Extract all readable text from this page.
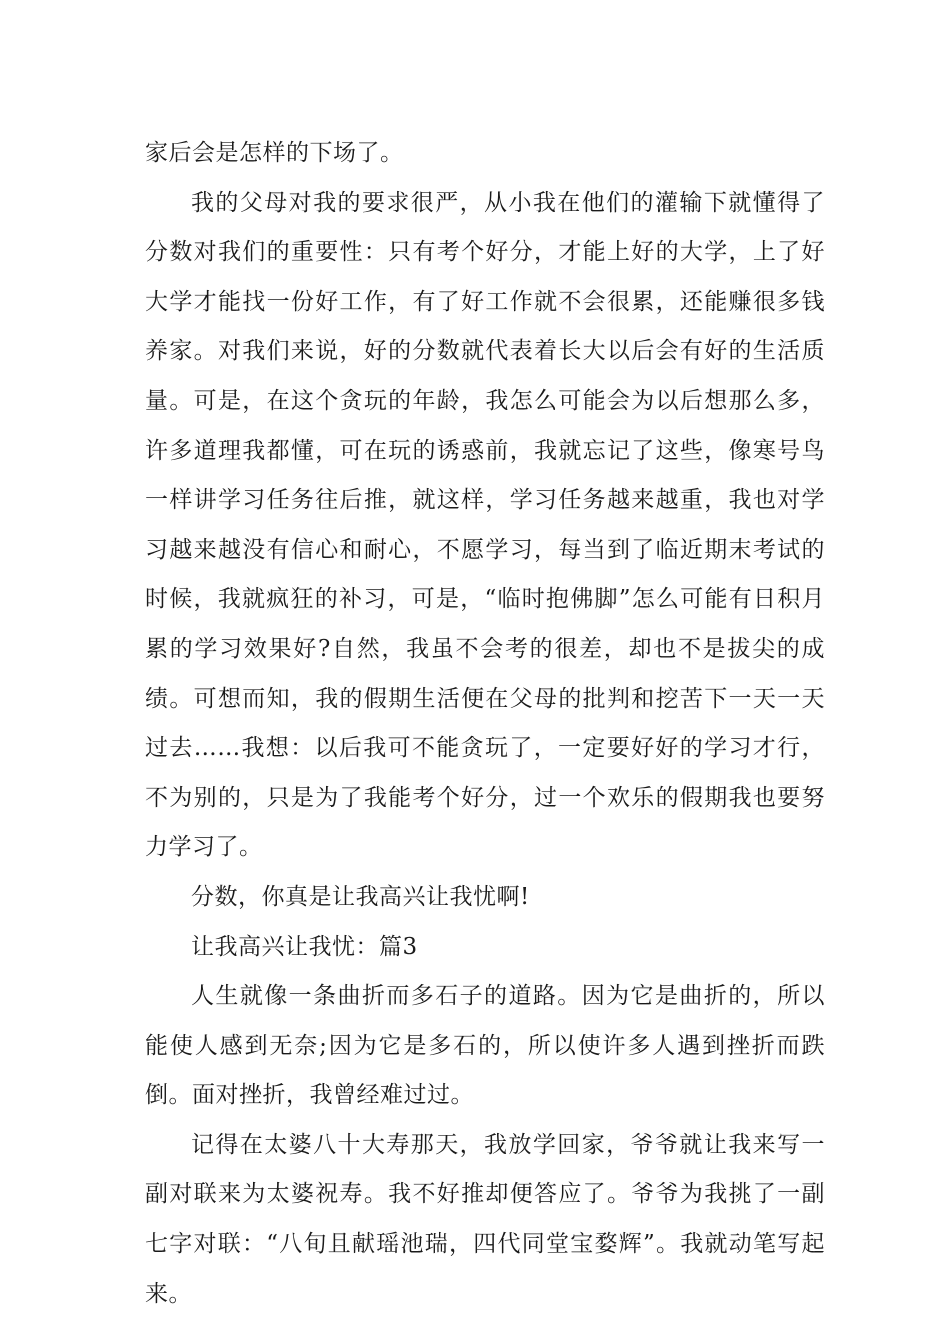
家后会是怎样的下场了。

我的父母对我的要求很严，从小我在他们的灌输下就懂得了分数对我们的重要性：只有考个好分，才能上好的大学，上了好大学才能找一份好工作，有了好工作就不会很累，还能赚很多钱养家。对我们来说，好的分数就代表着长大以后会有好的生活质量。可是，在这个贪玩的年龄，我怎么可能会为以后想那么多，许多道理我都懂，可在玩的诱惑前，我就忘记了这些，像寒号鸟一样讲学习任务往后推，就这样，学习任务越来越重，我也对学习越来越没有信心和耐心，不愿学习，每当到了临近期末考试的时候，我就疯狂的补习，可是，“临时抱佛脚”怎么可能有日积月累的学习效果好?自然，我虽不会考的很差，却也不是拔尖的成绩。可想而知，我的假期生活便在父母的批判和挖苦下一天一天过去……我想：以后我可不能贪玩了，一定要好好的学习才行，不为别的，只是为了我能考个好分，过一个欢乐的假期我也要努力学习了。

分数，你真是让我高兴让我忧啊!

让我高兴让我忧：篇3

人生就像一条曲折而多石子的道路。因为它是曲折的，所以能使人感到无奈;因为它是多石的，所以使许多人遇到挫折而跌倒。面对挫折，我曾经难过过。

记得在太婆八十大寿那天，我放学回家，爷爷就让我来写一副对联来为太婆祝寿。我不好推却便答应了。爷爷为我挑了一副七字对联：“八旬且献瑶池瑞，四代同堂宝婺辉”。我就动笔写起来。
